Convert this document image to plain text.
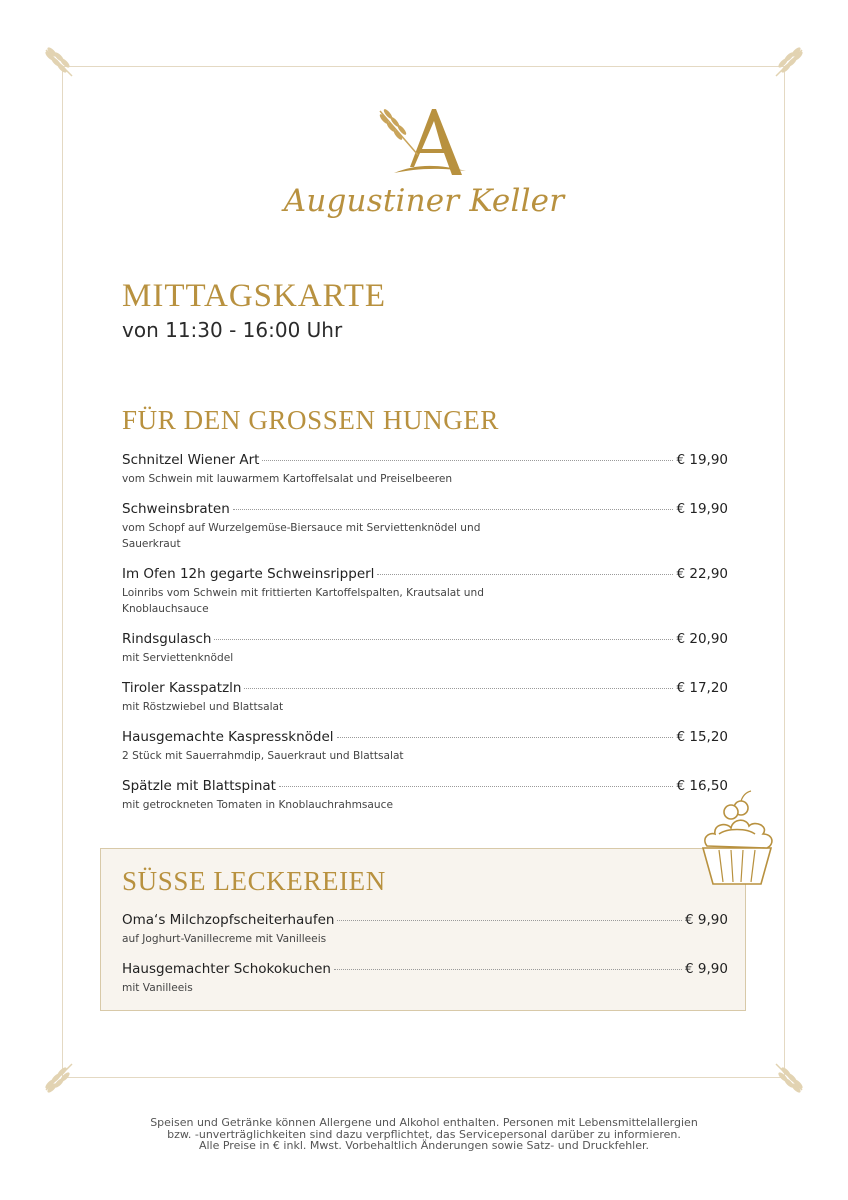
Augustiner Keller
MITTAGSKARTE
von 11:30 - 16:00 Uhr
FÜR DEN GROSSEN HUNGER
Schnitzel Wiener Art	€ 19,90
vom Schwein mit lauwarmem Kartoffelsalat und Preiselbeeren
Schweinsbraten	€ 19,90
vom Schopf auf Wurzelgemüse-Biersauce mit Serviettenknödel und Sauerkraut
Im Ofen 12h gegarte Schweinsripperl	€ 22,90
Loinribs vom Schwein mit frittierten Kartoffelspalten, Krautsalat und Knoblauchsauce
Rindsgulasch	€ 20,90
mit Serviettenknödel
Tiroler Kasspatzln	€ 17,20
mit Röstzwiebel und Blattsalat
Hausgemachte Kaspressknödel	€ 15,20
2 Stück mit Sauerrahmdip, Sauerkraut und Blattsalat
Spätzle mit Blattspinat	€ 16,50
mit getrockneten Tomaten in Knoblauchrahmsauce
SÜSSE LECKEREIEN
Oma‘s Milchzopfscheiterhaufen	€ 9,90
auf Joghurt-Vanillecreme mit Vanilleeis
Hausgemachter Schokokuchen	€ 9,90
mit Vanilleeis
Speisen und Getränke können Allergene und Alkohol enthalten. Personen mit Lebensmittelallergien
bzw. -unverträglichkeiten sind dazu verpflichtet, das Servicepersonal darüber zu informieren.
Alle Preise in € inkl. Mwst. Vorbehaltlich Änderungen sowie Satz- und Druckfehler.
